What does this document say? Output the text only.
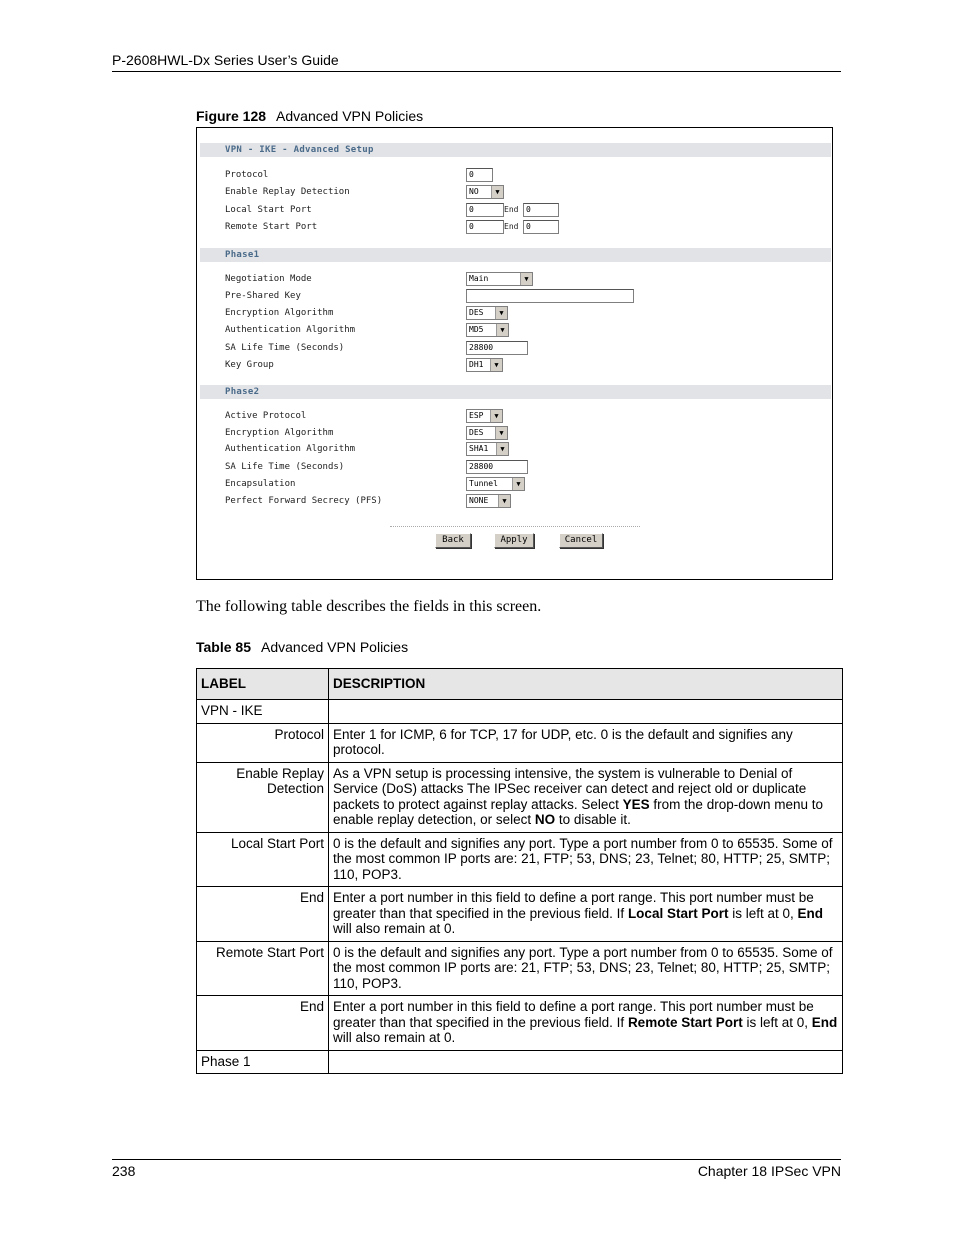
P-2608HWL-Dx Series User’s Guide
Figure 128 Advanced VPN Policies
VPN - IKE - Advanced Setup
Protocol	0
Enable Replay Detection	NO	▼
Local Start Port	0	End 0
Remote Start Port	0	End 0
Phase1
Negotiation Mode	Main	▼
Pre-Shared Key
Encryption Algorithm	DES	▼
Authentication Algorithm	MD5	▼
SA Life Time (Seconds)	28800
Key Group	DH1	▼
Phase2
Active Protocol	ESP	▼
Encryption Algorithm	DES	▼
Authentication Algorithm	SHA1	▼
SA Life Time (Seconds)	28800
Encapsulation	Tunnel	▼
Perfect Forward Secrecy (PFS)	NONE	▼
Back	Apply	Cancel
The following table describes the fields in this screen.
Table 85 Advanced VPN Policies
LABEL	DESCRIPTION
VPN - IKE	
Protocol	Enter 1 for ICMP, 6 for TCP, 17 for UDP, etc. 0 is the default and signifies any protocol.
Enable Replay Detection	As a VPN setup is processing intensive, the system is vulnerable to Denial of Service (DoS) attacks The IPSec receiver can detect and reject old or duplicate packets to protect against replay attacks. Select YES from the drop-down menu to enable replay detection, or select NO to disable it.
Local Start Port	0 is the default and signifies any port. Type a port number from 0 to 65535. Some of the most common IP ports are: 21, FTP; 53, DNS; 23, Telnet; 80, HTTP; 25, SMTP; 110, POP3.
End	Enter a port number in this field to define a port range. This port number must be greater than that specified in the previous field. If Local Start Port is left at 0, End will also remain at 0.
Remote Start Port	0 is the default and signifies any port. Type a port number from 0 to 65535. Some of the most common IP ports are: 21, FTP; 53, DNS; 23, Telnet; 80, HTTP; 25, SMTP; 110, POP3.
End	Enter a port number in this field to define a port range. This port number must be greater than that specified in the previous field. If Remote Start Port is left at 0, End will also remain at 0.
Phase 1	
238	Chapter 18 IPSec VPN
